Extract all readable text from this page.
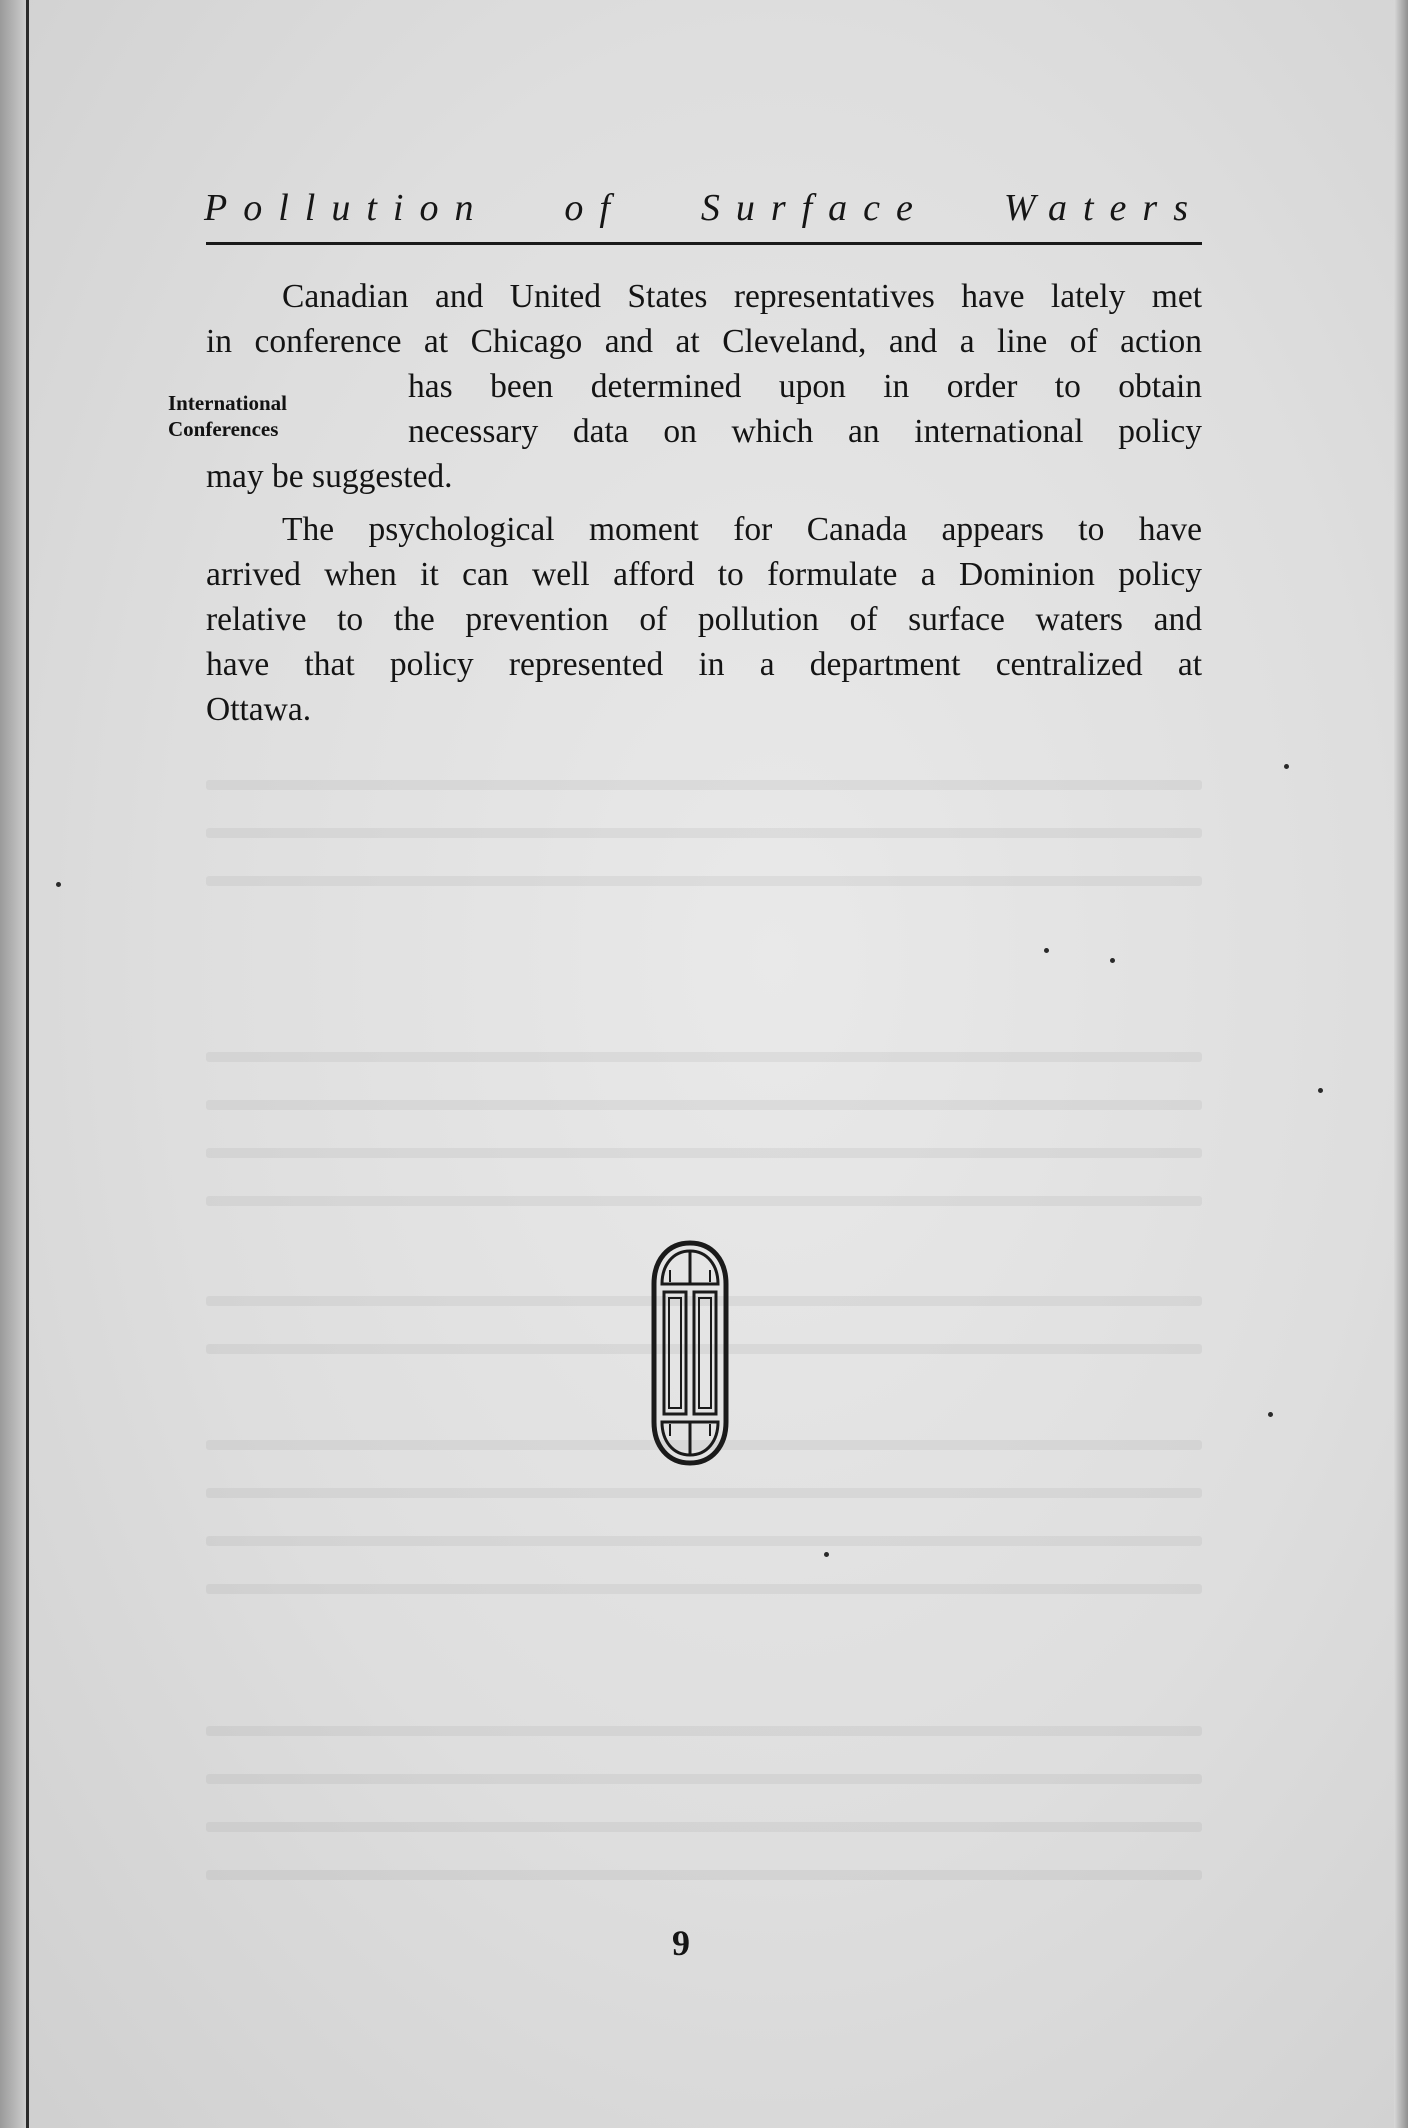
Pollution of Surface Waters
International
Conferences

Canadian and United States representatives have lately met
in conference at Chicago and at Cleveland, and a line of action
has been determined upon in order to obtain
necessary data on which an international policy
may be suggested.

The psychological moment for Canada appears to have
arrived when it can well afford to formulate a Dominion policy
relative to the prevention of pollution of surface waters and
have that policy represented in a department centralized at
Ottawa.

9
